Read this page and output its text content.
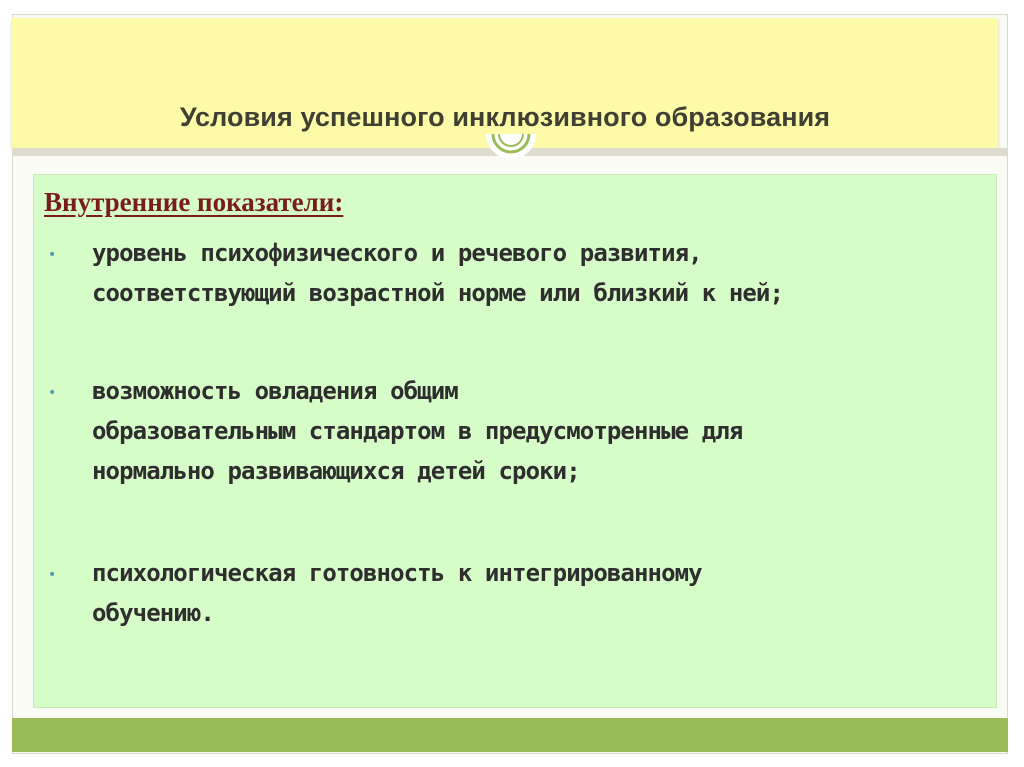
Условия успешного инклюзивного образования
Внутренние показатели:
•	уровень психофизического и речевого развития,
соответствующий возрастной норме или близкий к ней;
•	возможность овладения общим
образовательным стандартом в предусмотренные для
нормально развивающихся детей сроки;
•	психологическая готовность к интегрированному
обучению.
